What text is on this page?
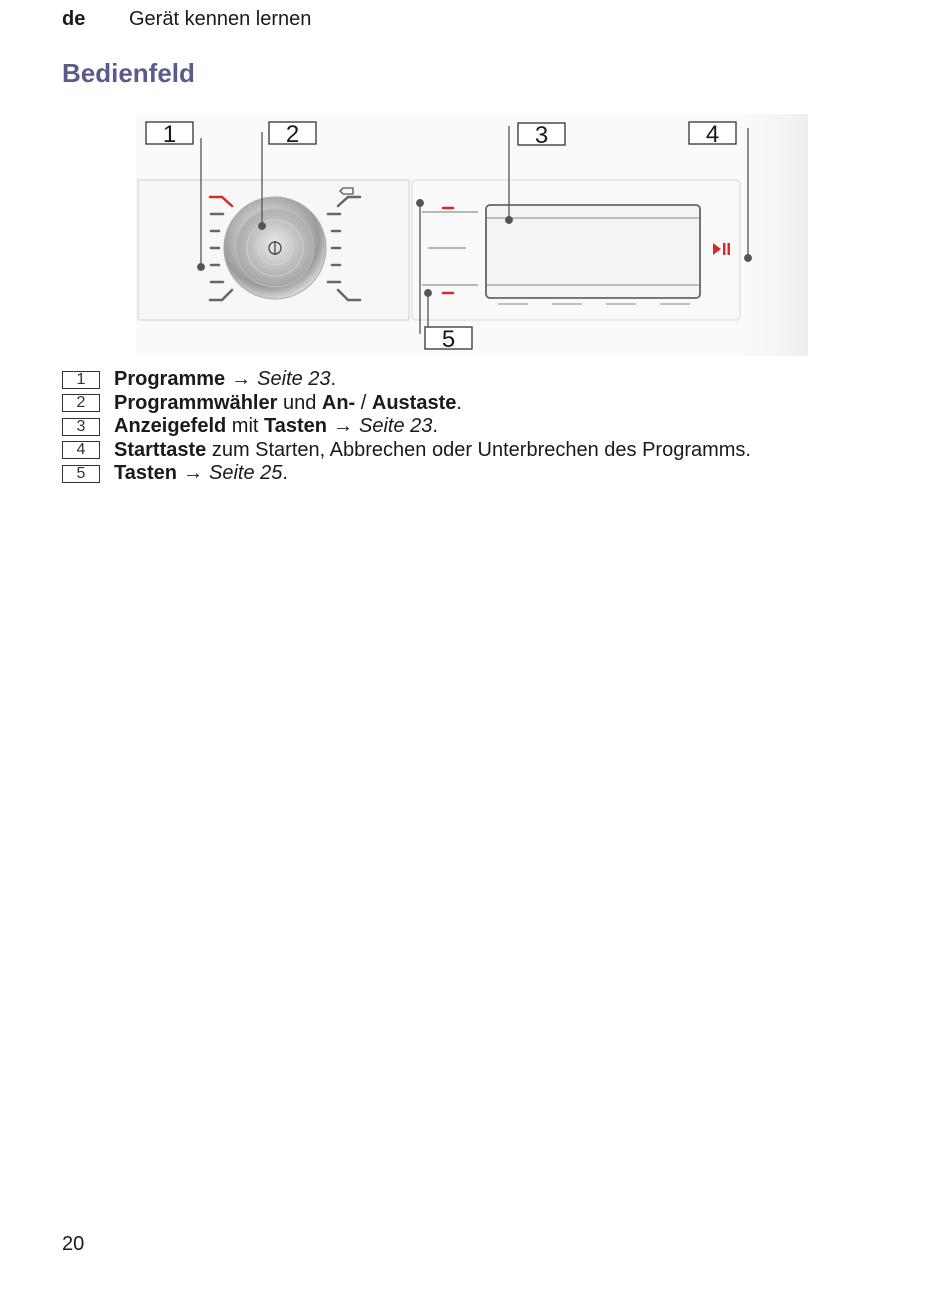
de Gerät kennen lernen
Bedienfeld
1	2	3	4
5
1	Programme → Seite 23 .
2	Programmwähler und An- / Austaste .
3	Anzeigefeld mit Tasten → Seite 23 .
4	Starttaste zum Starten, Abbrechen oder Unterbrechen des Programms.
5	Tasten → Seite 25 .
20
